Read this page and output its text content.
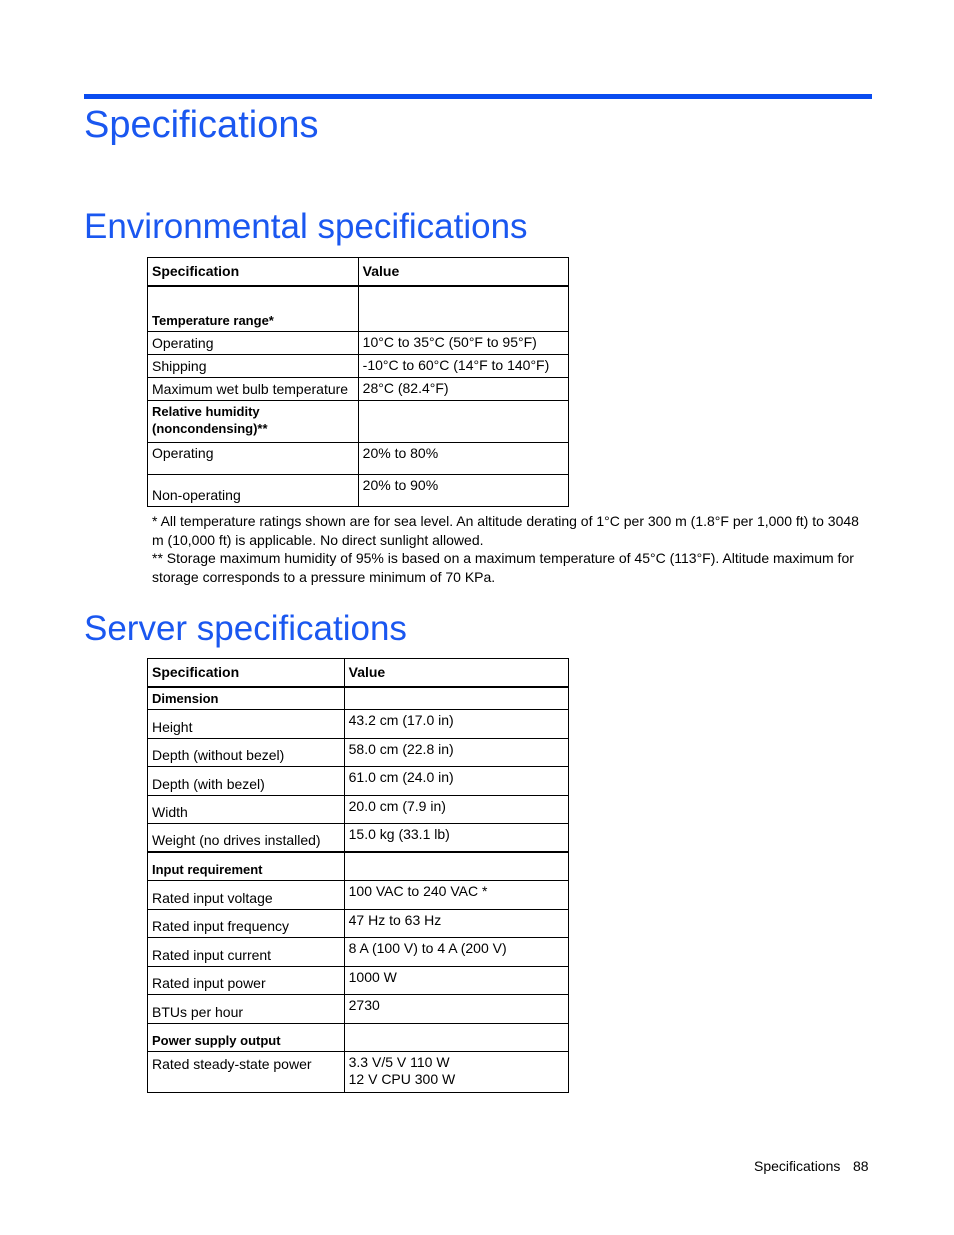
Specifications
Environmental specifications
Specification	Value
Temperature range*	
Operating	10°C to 35°C (50°F to 95°F)
Shipping	-10°C to 60°C (14°F to 140°F)
Maximum wet bulb temperature	28°C (82.4°F)

Relative humidity (noncondensing)**	

Operating	20% to 80%
Non-operating	20% to 90%

* All temperature ratings shown are for sea level. An altitude derating of 1°C per 300 m (1.8°F per 1,000 ft) to 3048 m (10,000 ft) is applicable. No direct sunlight allowed.

** Storage maximum humidity of 95% is based on a maximum temperature of 45°C (113°F). Altitude maximum for storage corresponds to a pressure minimum of 70 KPa.

Server specifications
Specification	Value
Dimension	
Height	43.2 cm (17.0 in)
Depth (without bezel)	58.0 cm (22.8 in)
Depth (with bezel)	61.0 cm (24.0 in)
Width	20.0 cm (7.9 in)
Weight (no drives installed)	15.0 kg (33.1 lb)
Input requirement	
Rated input voltage	100 VAC to 240 VAC *
Rated input frequency	47 Hz to 63 Hz
Rated input current	8 A (100 V) to 4 A (200 V)
Rated input power	1000 W
BTUs per hour	2730
Power supply output	
Rated steady-state power	3.3 V/5 V 110 W
12 V CPU 300 W
Specifications 88
